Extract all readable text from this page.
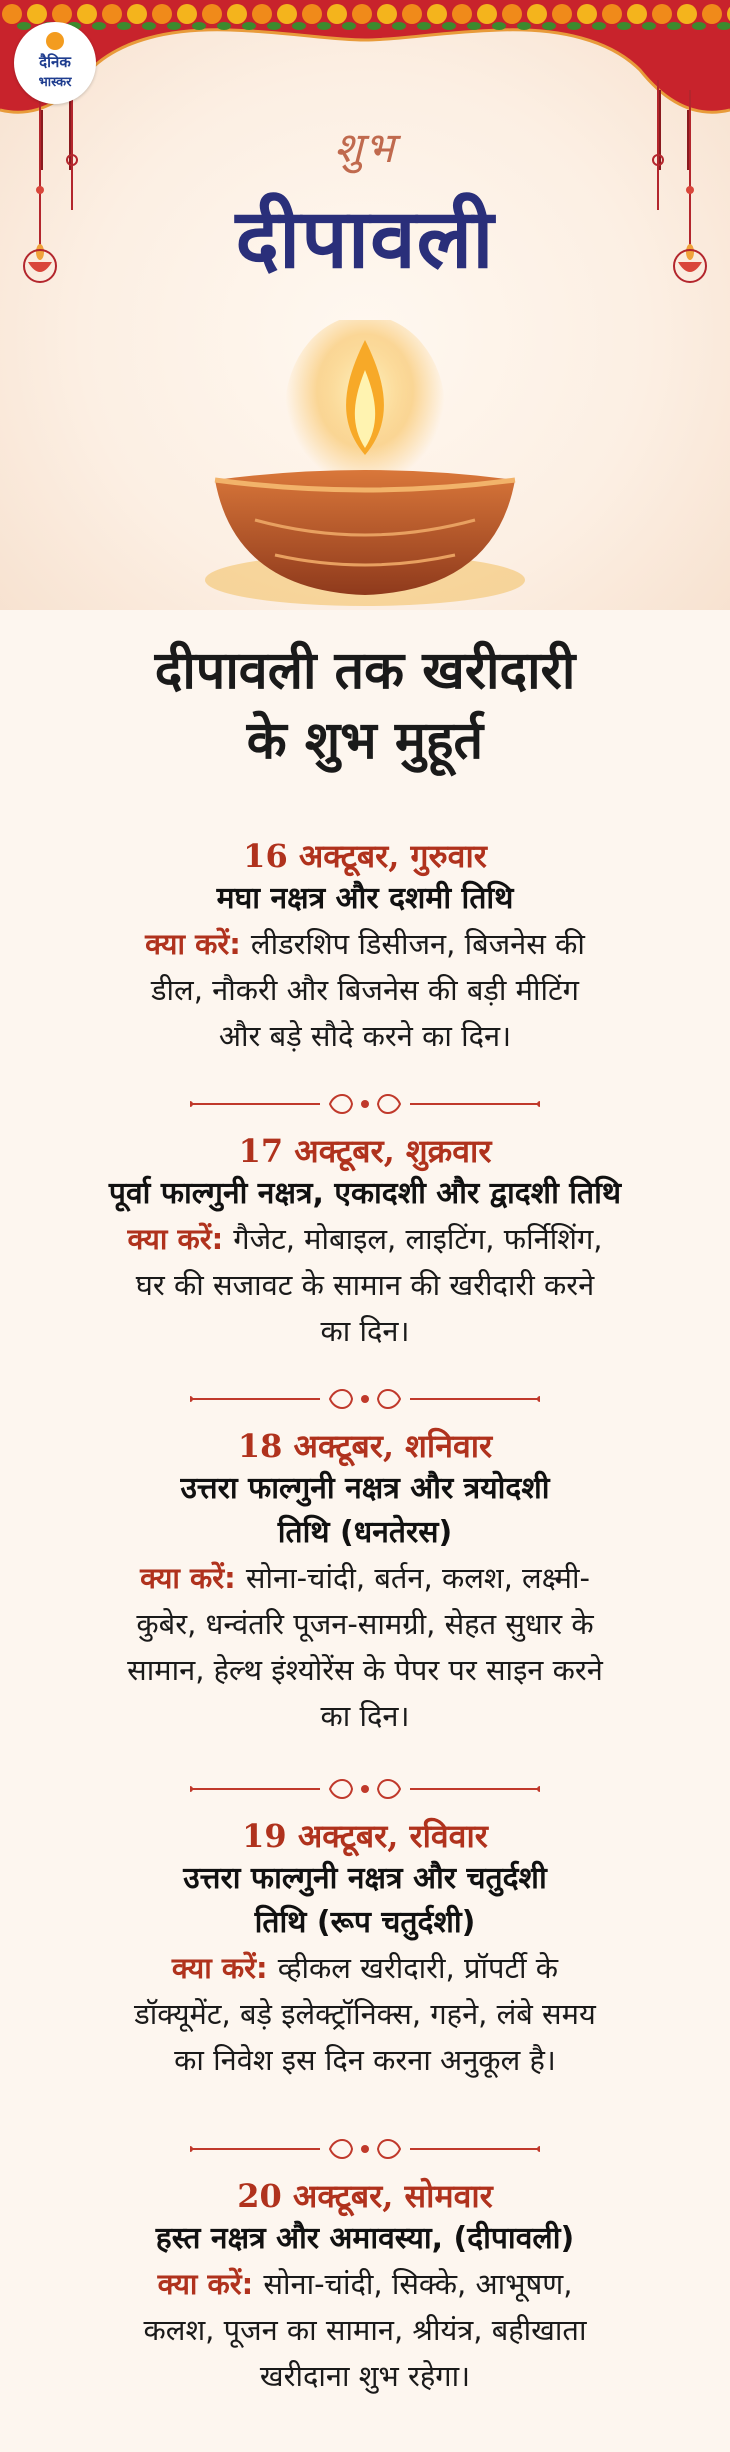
दैनिक
भास्कर
शुभ
दीपावली
दीपावली तक खरीदारी
के शुभ मुहूर्त
16 अक्टूबर, गुरुवार
मघा नक्षत्र और दशमी तिथि
क्या करें: लीडरशिप डिसीजन, बिजनेस की
डील, नौकरी और बिजनेस की बड़ी मीटिंग
और बड़े सौदे करने का दिन।
17 अक्टूबर, शुक्रवार
पूर्वा फाल्गुनी नक्षत्र, एकादशी और द्वादशी तिथि
क्या करें: गैजेट, मोबाइल, लाइटिंग, फर्निशिंग,
घर की सजावट के सामान की खरीदारी करने
का दिन।
18 अक्टूबर, शनिवार
उत्तरा फाल्गुनी नक्षत्र और त्रयोदशी
तिथि (धनतेरस)
क्या करें: सोना-चांदी, बर्तन, कलश, लक्ष्मी-
कुबेर, धन्वंतरि पूजन-सामग्री, सेहत सुधार के
सामान, हेल्थ इंश्योरेंस के पेपर पर साइन करने
का दिन।
19 अक्टूबर, रविवार
उत्तरा फाल्गुनी नक्षत्र और चतुर्दशी
तिथि (रूप चतुर्दशी)
क्या करें: व्हीकल खरीदारी, प्रॉपर्टी के
डॉक्यूमेंट, बड़े इलेक्ट्रॉनिक्स, गहने, लंबे समय
का निवेश इस दिन करना अनुकूल है।
20 अक्टूबर, सोमवार
हस्त नक्षत्र और अमावस्या, (दीपावली)
क्या करें: सोना-चांदी, सिक्के, आभूषण,
कलश, पूजन का सामान, श्रीयंत्र, बहीखाता
खरीदाना शुभ रहेगा।
